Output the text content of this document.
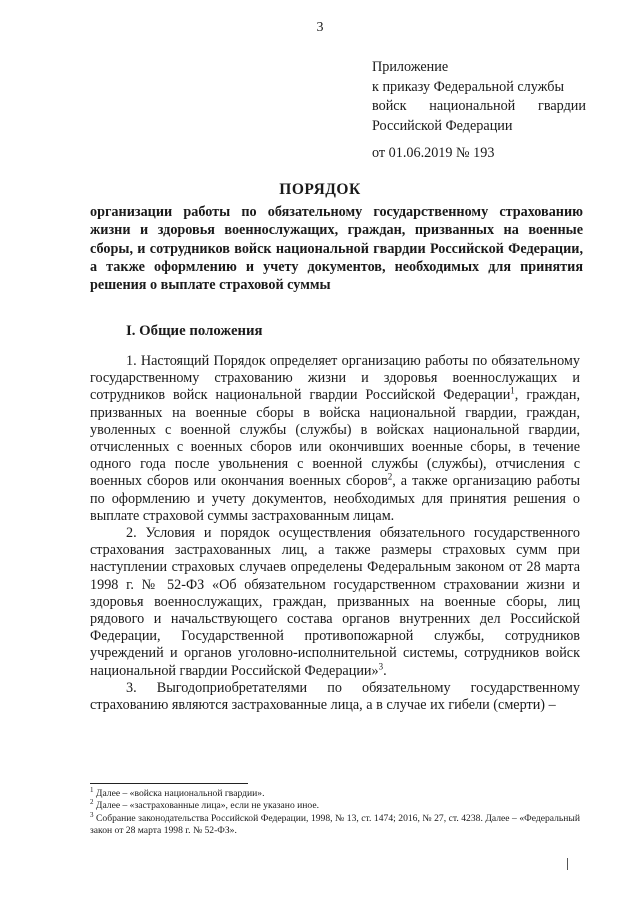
3
Приложение
к приказу Федеральной службы
войск национальной гвардии
Российской Федерации
от 01.06.2019 № 193
ПОРЯДОК
организации работы по обязательному государственному страхованию жизни и здоровья военнослужащих, граждан, призванных на военные сборы, и сотрудников войск национальной гвардии Российской Федерации, а также оформлению и учету документов, необходимых для принятия решения о выплате страховой суммы
I. Общие положения

1. Настоящий Порядок определяет организацию работы по обязательному государственному страхованию жизни и здоровья военнослужащих и сотрудников войск национальной гвардии Российской Федерации$^1$, граждан, призванных на военные сборы в войска национальной гвардии, граждан, уволенных с военной службы (службы) в войсках национальной гвардии, отчисленных с военных сборов или окончивших военные сборы, в течение одного года после увольнения с военной службы (службы), отчисления с военных сборов или окончания военных сборов$^2$, а также организацию работы по оформлению и учету документов, необходимых для принятия решения о выплате страховой суммы застрахованным лицам.

2. Условия и порядок осуществления обязательного государственного страхования застрахованных лиц, а также размеры страховых сумм при наступлении страховых случаев определены Федеральным законом от 28 марта 1998 г. № 52-ФЗ «Об обязательном государственном страховании жизни и здоровья военнослужащих, граждан, призванных на военные сборы, лиц рядового и начальствующего состава органов внутренних дел Российской Федерации, Государственной противопожарной службы, сотрудников учреждений и органов уголовно-исполнительной системы, сотрудников войск национальной гвардии Российской Федерации»$^3$.

3. Выгодоприобретателями по обязательному государственному страхованию являются застрахованные лица, а в случае их гибели (смерти) –

$^1$ Далее – «войска национальной гвардии».

$^2$ Далее – «застрахованные лица», если не указано иное.

$^3$ Собрание законодательства Российской Федерации, 1998, № 13, ст. 1474; 2016, № 27, ст. 4238. Далее – «Федеральный закон от 28 марта 1998 г. № 52-ФЗ».
